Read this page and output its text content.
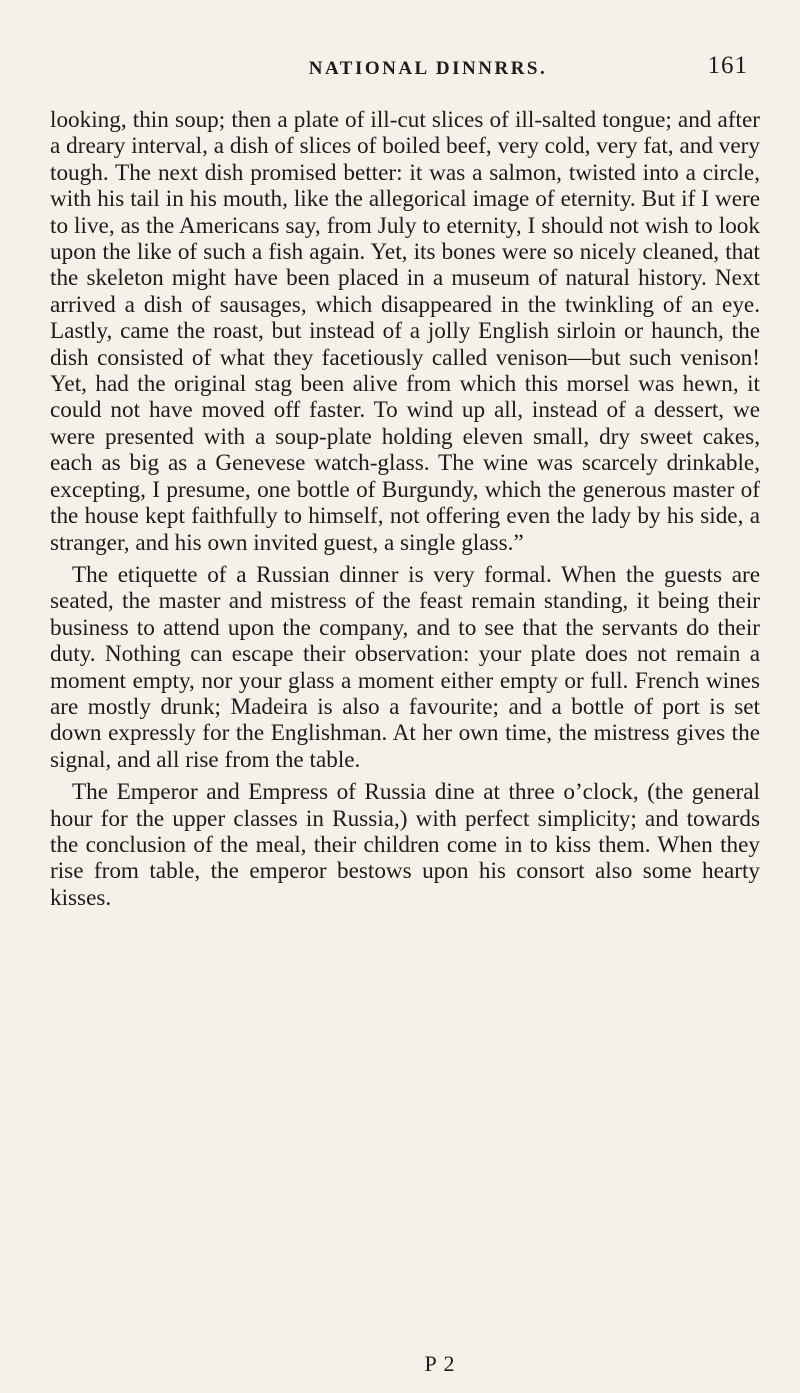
NATIONAL DINNRRS.	161

looking, thin soup; then a plate of ill-cut slices of ill-salted tongue; and after a dreary interval, a dish of slices of boiled beef, very cold, very fat, and very tough. The next dish promised better: it was a salmon, twisted into a circle, with his tail in his mouth, like the allegorical image of eternity. But if I were to live, as the Americans say, from July to eternity, I should not wish to look upon the like of such a fish again. Yet, its bones were so nicely cleaned, that the skeleton might have been placed in a museum of natural history. Next arrived a dish of sausages, which disappeared in the twinkling of an eye. Lastly, came the roast, but instead of a jolly English sirloin or haunch, the dish consisted of what they facetiously called venison—but such venison! Yet, had the original stag been alive from which this morsel was hewn, it could not have moved off faster. To wind up all, instead of a dessert, we were presented with a soup-plate holding eleven small, dry sweet cakes, each as big as a Genevese watch-glass. The wine was scarcely drinkable, excepting, I presume, one bottle of Burgundy, which the generous master of the house kept faithfully to himself, not offering even the lady by his side, a stranger, and his own invited guest, a single glass.”

The etiquette of a Russian dinner is very formal. When the guests are seated, the master and mistress of the feast remain standing, it being their business to attend upon the company, and to see that the servants do their duty. Nothing can escape their observation: your plate does not remain a moment empty, nor your glass a moment either empty or full. French wines are mostly drunk; Madeira is also a favourite; and a bottle of port is set down expressly for the Englishman. At her own time, the mistress gives the signal, and all rise from the table.

The Emperor and Empress of Russia dine at three o’clock, (the general hour for the upper classes in Russia,) with perfect simplicity; and towards the conclusion of the meal, their children come in to kiss them. When they rise from table, the emperor bestows upon his consort also some hearty kisses.

P 2
